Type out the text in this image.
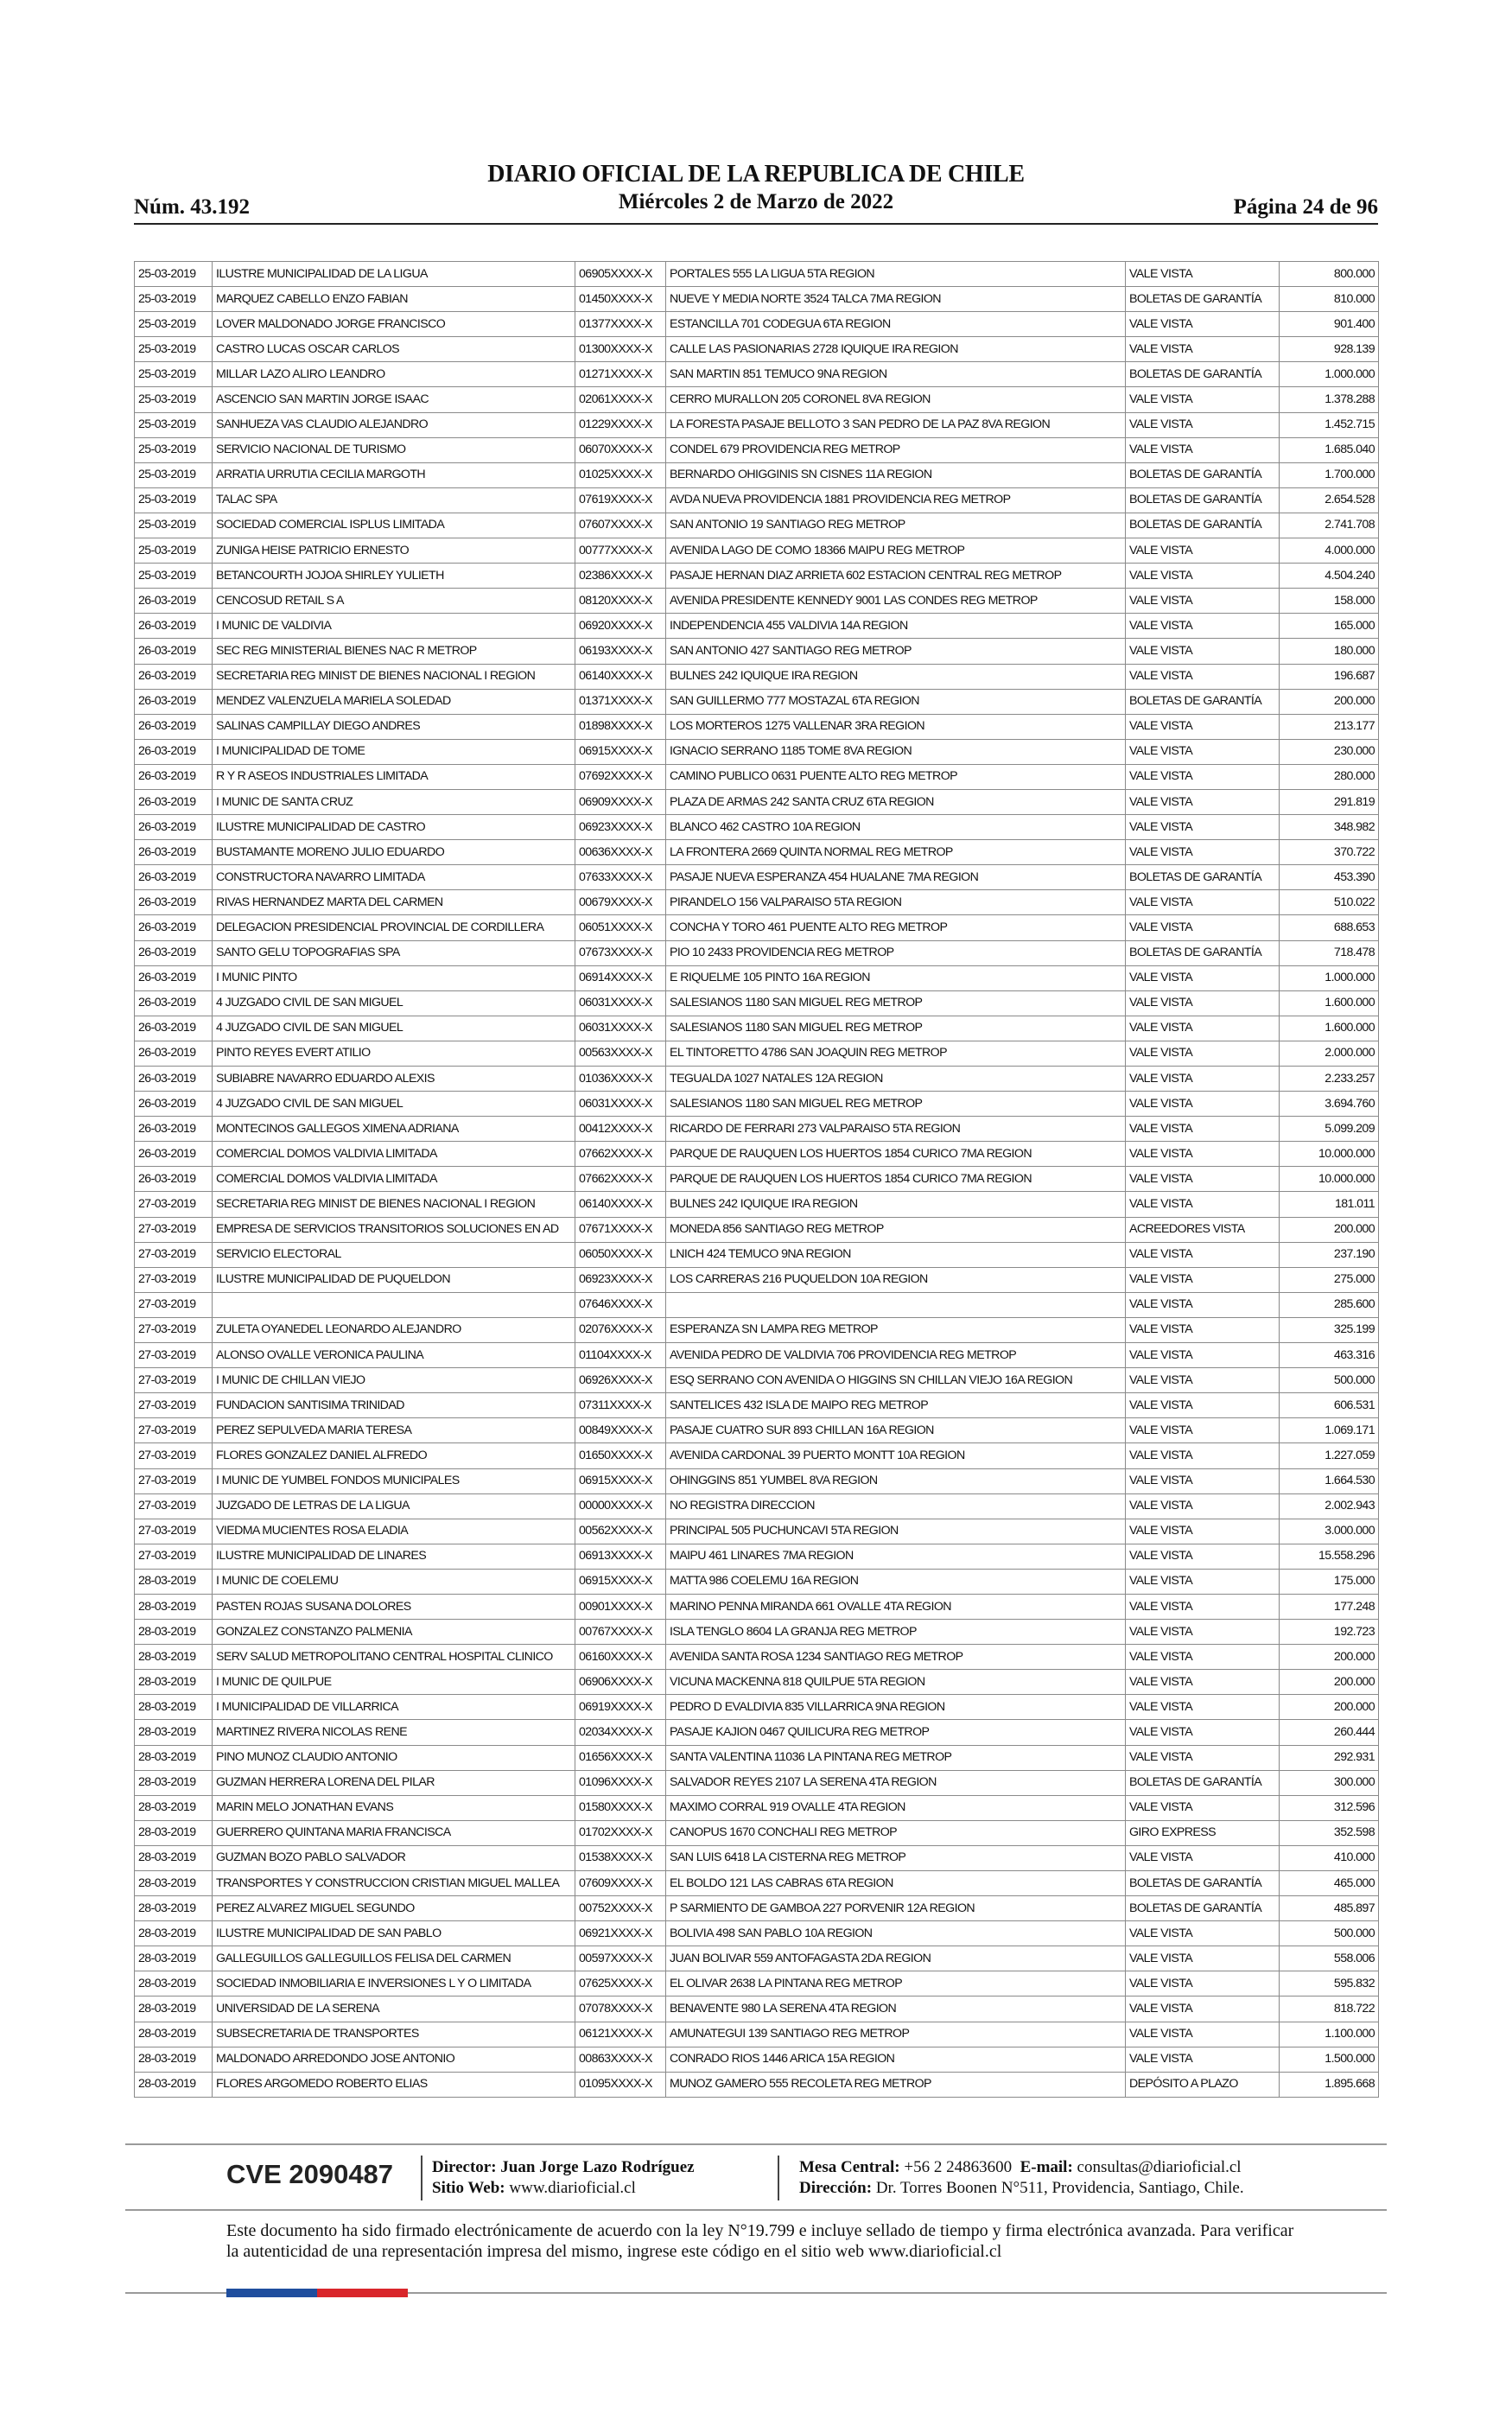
Núm. 43.192
DIARIO OFICIAL DE LA REPUBLICA DE CHILE
Miércoles 2 de Marzo de 2022	Página 24 de 96
25-03-2019	ILUSTRE MUNICIPALIDAD DE LA LIGUA	06905XXXX-X	PORTALES 555 LA LIGUA 5TA REGION	VALE VISTA	800.000
25-03-2019	MARQUEZ CABELLO ENZO FABIAN	01450XXXX-X	NUEVE Y MEDIA NORTE 3524 TALCA 7MA REGION	BOLETAS DE GARANTÍA	810.000
25-03-2019	LOVER MALDONADO JORGE FRANCISCO	01377XXXX-X	ESTANCILLA 701 CODEGUA 6TA REGION	VALE VISTA	901.400
25-03-2019	CASTRO LUCAS OSCAR CARLOS	01300XXXX-X	CALLE LAS PASIONARIAS 2728 IQUIQUE IRA REGION	VALE VISTA	928.139
25-03-2019	MILLAR LAZO ALIRO LEANDRO	01271XXXX-X	SAN MARTIN 851 TEMUCO 9NA REGION	BOLETAS DE GARANTÍA	1.000.000
25-03-2019	ASCENCIO SAN MARTIN JORGE ISAAC	02061XXXX-X	CERRO MURALLON 205 CORONEL 8VA REGION	VALE VISTA	1.378.288
25-03-2019	SANHUEZA VAS CLAUDIO ALEJANDRO	01229XXXX-X	LA FORESTA PASAJE BELLOTO 3 SAN PEDRO DE LA PAZ 8VA REGION	VALE VISTA	1.452.715
25-03-2019	SERVICIO NACIONAL DE TURISMO	06070XXXX-X	CONDEL 679 PROVIDENCIA REG METROP	VALE VISTA	1.685.040
25-03-2019	ARRATIA URRUTIA CECILIA MARGOTH	01025XXXX-X	BERNARDO OHIGGINIS SN CISNES 11A REGION	BOLETAS DE GARANTÍA	1.700.000
25-03-2019	TALAC SPA	07619XXXX-X	AVDA NUEVA PROVIDENCIA 1881 PROVIDENCIA REG METROP	BOLETAS DE GARANTÍA	2.654.528
25-03-2019	SOCIEDAD COMERCIAL ISPLUS LIMITADA	07607XXXX-X	SAN ANTONIO 19 SANTIAGO REG METROP	BOLETAS DE GARANTÍA	2.741.708
25-03-2019	ZUNIGA HEISE PATRICIO ERNESTO	00777XXXX-X	AVENIDA LAGO DE COMO 18366 MAIPU REG METROP	VALE VISTA	4.000.000
25-03-2019	BETANCOURTH JOJOA SHIRLEY YULIETH	02386XXXX-X	PASAJE HERNAN DIAZ ARRIETA 602 ESTACION CENTRAL REG METROP	VALE VISTA	4.504.240
26-03-2019	CENCOSUD RETAIL S A	08120XXXX-X	AVENIDA PRESIDENTE KENNEDY 9001 LAS CONDES REG METROP	VALE VISTA	158.000
26-03-2019	I MUNIC DE VALDIVIA	06920XXXX-X	INDEPENDENCIA 455 VALDIVIA 14A REGION	VALE VISTA	165.000
26-03-2019	SEC REG MINISTERIAL BIENES NAC R METROP	06193XXXX-X	SAN ANTONIO 427 SANTIAGO REG METROP	VALE VISTA	180.000
26-03-2019	SECRETARIA REG MINIST DE BIENES NACIONAL I REGION	06140XXXX-X	BULNES 242 IQUIQUE IRA REGION	VALE VISTA	196.687
26-03-2019	MENDEZ VALENZUELA MARIELA SOLEDAD	01371XXXX-X	SAN GUILLERMO 777 MOSTAZAL 6TA REGION	BOLETAS DE GARANTÍA	200.000
26-03-2019	SALINAS CAMPILLAY DIEGO ANDRES	01898XXXX-X	LOS MORTEROS 1275 VALLENAR 3RA REGION	VALE VISTA	213.177
26-03-2019	I MUNICIPALIDAD DE TOME	06915XXXX-X	IGNACIO SERRANO 1185 TOME 8VA REGION	VALE VISTA	230.000
26-03-2019	R Y R ASEOS INDUSTRIALES LIMITADA	07692XXXX-X	CAMINO PUBLICO 0631 PUENTE ALTO REG METROP	VALE VISTA	280.000
26-03-2019	I MUNIC DE SANTA CRUZ	06909XXXX-X	PLAZA DE ARMAS 242 SANTA CRUZ 6TA REGION	VALE VISTA	291.819
26-03-2019	ILUSTRE MUNICIPALIDAD DE CASTRO	06923XXXX-X	BLANCO 462 CASTRO 10A REGION	VALE VISTA	348.982
26-03-2019	BUSTAMANTE MORENO JULIO EDUARDO	00636XXXX-X	LA FRONTERA 2669 QUINTA NORMAL REG METROP	VALE VISTA	370.722
26-03-2019	CONSTRUCTORA NAVARRO LIMITADA	07633XXXX-X	PASAJE NUEVA ESPERANZA 454 HUALANE 7MA REGION	BOLETAS DE GARANTÍA	453.390
26-03-2019	RIVAS HERNANDEZ MARTA DEL CARMEN	00679XXXX-X	PIRANDELO 156 VALPARAISO 5TA REGION	VALE VISTA	510.022
26-03-2019	DELEGACION PRESIDENCIAL PROVINCIAL DE CORDILLERA	06051XXXX-X	CONCHA Y TORO 461 PUENTE ALTO REG METROP	VALE VISTA	688.653
26-03-2019	SANTO GELU TOPOGRAFIAS SPA	07673XXXX-X	PIO 10 2433 PROVIDENCIA REG METROP	BOLETAS DE GARANTÍA	718.478
26-03-2019	I MUNIC PINTO	06914XXXX-X	E RIQUELME 105 PINTO 16A REGION	VALE VISTA	1.000.000
26-03-2019	4 JUZGADO CIVIL DE SAN MIGUEL	06031XXXX-X	SALESIANOS 1180 SAN MIGUEL REG METROP	VALE VISTA	1.600.000
26-03-2019	4 JUZGADO CIVIL DE SAN MIGUEL	06031XXXX-X	SALESIANOS 1180 SAN MIGUEL REG METROP	VALE VISTA	1.600.000
26-03-2019	PINTO REYES EVERT ATILIO	00563XXXX-X	EL TINTORETTO 4786 SAN JOAQUIN REG METROP	VALE VISTA	2.000.000
26-03-2019	SUBIABRE NAVARRO EDUARDO ALEXIS	01036XXXX-X	TEGUALDA 1027 NATALES 12A REGION	VALE VISTA	2.233.257
26-03-2019	4 JUZGADO CIVIL DE SAN MIGUEL	06031XXXX-X	SALESIANOS 1180 SAN MIGUEL REG METROP	VALE VISTA	3.694.760
26-03-2019	MONTECINOS GALLEGOS XIMENA ADRIANA	00412XXXX-X	RICARDO DE FERRARI 273 VALPARAISO 5TA REGION	VALE VISTA	5.099.209
26-03-2019	COMERCIAL DOMOS VALDIVIA LIMITADA	07662XXXX-X	PARQUE DE RAUQUEN LOS HUERTOS 1854 CURICO 7MA REGION	VALE VISTA	10.000.000
26-03-2019	COMERCIAL DOMOS VALDIVIA LIMITADA	07662XXXX-X	PARQUE DE RAUQUEN LOS HUERTOS 1854 CURICO 7MA REGION	VALE VISTA	10.000.000
27-03-2019	SECRETARIA REG MINIST DE BIENES NACIONAL I REGION	06140XXXX-X	BULNES 242 IQUIQUE IRA REGION	VALE VISTA	181.011
27-03-2019	EMPRESA DE SERVICIOS TRANSITORIOS SOLUCIONES EN AD	07671XXXX-X	MONEDA 856 SANTIAGO REG METROP	ACREEDORES VISTA	200.000
27-03-2019	SERVICIO ELECTORAL	06050XXXX-X	LNICH 424 TEMUCO 9NA REGION	VALE VISTA	237.190
27-03-2019	ILUSTRE MUNICIPALIDAD DE PUQUELDON	06923XXXX-X	LOS CARRERAS 216 PUQUELDON 10A REGION	VALE VISTA	275.000
27-03-2019		07646XXXX-X		VALE VISTA	285.600
27-03-2019	ZULETA OYANEDEL LEONARDO ALEJANDRO	02076XXXX-X	ESPERANZA SN LAMPA REG METROP	VALE VISTA	325.199
27-03-2019	ALONSO OVALLE VERONICA PAULINA	01104XXXX-X	AVENIDA PEDRO DE VALDIVIA 706 PROVIDENCIA REG METROP	VALE VISTA	463.316
27-03-2019	I MUNIC DE CHILLAN VIEJO	06926XXXX-X	ESQ SERRANO CON AVENIDA O HIGGINS SN CHILLAN VIEJO 16A REGION	VALE VISTA	500.000
27-03-2019	FUNDACION SANTISIMA TRINIDAD	07311XXXX-X	SANTELICES 432 ISLA DE MAIPO REG METROP	VALE VISTA	606.531
27-03-2019	PEREZ SEPULVEDA MARIA TERESA	00849XXXX-X	PASAJE CUATRO SUR 893 CHILLAN 16A REGION	VALE VISTA	1.069.171
27-03-2019	FLORES GONZALEZ DANIEL ALFREDO	01650XXXX-X	AVENIDA CARDONAL 39 PUERTO MONTT 10A REGION	VALE VISTA	1.227.059
27-03-2019	I MUNIC DE YUMBEL FONDOS MUNICIPALES	06915XXXX-X	OHINGGINS 851 YUMBEL 8VA REGION	VALE VISTA	1.664.530
27-03-2019	JUZGADO DE LETRAS DE LA LIGUA	00000XXXX-X	NO REGISTRA DIRECCION	VALE VISTA	2.002.943
27-03-2019	VIEDMA MUCIENTES ROSA ELADIA	00562XXXX-X	PRINCIPAL 505 PUCHUNCAVI 5TA REGION	VALE VISTA	3.000.000
27-03-2019	ILUSTRE MUNICIPALIDAD DE LINARES	06913XXXX-X	MAIPU 461 LINARES 7MA REGION	VALE VISTA	15.558.296
28-03-2019	I MUNIC DE COELEMU	06915XXXX-X	MATTA 986 COELEMU 16A REGION	VALE VISTA	175.000
28-03-2019	PASTEN ROJAS SUSANA DOLORES	00901XXXX-X	MARINO PENNA MIRANDA 661 OVALLE 4TA REGION	VALE VISTA	177.248
28-03-2019	GONZALEZ CONSTANZO PALMENIA	00767XXXX-X	ISLA TENGLO 8604 LA GRANJA REG METROP	VALE VISTA	192.723
28-03-2019	SERV SALUD METROPOLITANO CENTRAL HOSPITAL CLINICO	06160XXXX-X	AVENIDA SANTA ROSA 1234 SANTIAGO REG METROP	VALE VISTA	200.000
28-03-2019	I MUNIC DE QUILPUE	06906XXXX-X	VICUNA MACKENNA 818 QUILPUE 5TA REGION	VALE VISTA	200.000
28-03-2019	I MUNICIPALIDAD DE VILLARRICA	06919XXXX-X	PEDRO D EVALDIVIA 835 VILLARRICA 9NA REGION	VALE VISTA	200.000
28-03-2019	MARTINEZ RIVERA NICOLAS RENE	02034XXXX-X	PASAJE KAJION 0467 QUILICURA REG METROP	VALE VISTA	260.444
28-03-2019	PINO MUNOZ CLAUDIO ANTONIO	01656XXXX-X	SANTA VALENTINA 11036 LA PINTANA REG METROP	VALE VISTA	292.931
28-03-2019	GUZMAN HERRERA LORENA DEL PILAR	01096XXXX-X	SALVADOR REYES 2107 LA SERENA 4TA REGION	BOLETAS DE GARANTÍA	300.000
28-03-2019	MARIN MELO JONATHAN EVANS	01580XXXX-X	MAXIMO CORRAL 919 OVALLE 4TA REGION	VALE VISTA	312.596
28-03-2019	GUERRERO QUINTANA MARIA FRANCISCA	01702XXXX-X	CANOPUS 1670 CONCHALI REG METROP	GIRO EXPRESS	352.598
28-03-2019	GUZMAN BOZO PABLO SALVADOR	01538XXXX-X	SAN LUIS 6418 LA CISTERNA REG METROP	VALE VISTA	410.000
28-03-2019	TRANSPORTES Y CONSTRUCCION CRISTIAN MIGUEL MALLEA	07609XXXX-X	EL BOLDO 121 LAS CABRAS 6TA REGION	BOLETAS DE GARANTÍA	465.000
28-03-2019	PEREZ ALVAREZ MIGUEL SEGUNDO	00752XXXX-X	P SARMIENTO DE GAMBOA 227 PORVENIR 12A REGION	BOLETAS DE GARANTÍA	485.897
28-03-2019	ILUSTRE MUNICIPALIDAD DE SAN PABLO	06921XXXX-X	BOLIVIA 498 SAN PABLO 10A REGION	VALE VISTA	500.000
28-03-2019	GALLEGUILLOS GALLEGUILLOS FELISA DEL CARMEN	00597XXXX-X	JUAN BOLIVAR 559 ANTOFAGASTA 2DA REGION	VALE VISTA	558.006
28-03-2019	SOCIEDAD INMOBILIARIA E INVERSIONES L Y O LIMITADA	07625XXXX-X	EL OLIVAR 2638 LA PINTANA REG METROP	VALE VISTA	595.832
28-03-2019	UNIVERSIDAD DE LA SERENA	07078XXXX-X	BENAVENTE 980 LA SERENA 4TA REGION	VALE VISTA	818.722
28-03-2019	SUBSECRETARIA DE TRANSPORTES	06121XXXX-X	AMUNATEGUI 139 SANTIAGO REG METROP	VALE VISTA	1.100.000
28-03-2019	MALDONADO ARREDONDO JOSE ANTONIO	00863XXXX-X	CONRADO RIOS 1446 ARICA 15A REGION	VALE VISTA	1.500.000
28-03-2019	FLORES ARGOMEDO ROBERTO ELIAS	01095XXXX-X	MUNOZ GAMERO 555 RECOLETA REG METROP	DEPÓSITO A PLAZO	1.895.668
CVE 2090487 Director: Juan Jorge Lazo Rodríguez
Sitio Web: www.diarioficial.cl
Mesa Central: +56 2 24863600 E-mail: consultas@diarioficial.cl
Dirección: Dr. Torres Boonen N°511, Providencia, Santiago, Chile.
Este documento ha sido firmado electrónicamente de acuerdo con la ley N°19.799 e incluye sellado de tiempo y firma electrónica avanzada. Para verificar la autenticidad de una representación impresa del mismo, ingrese este código en el sitio web www.diarioficial.cl
